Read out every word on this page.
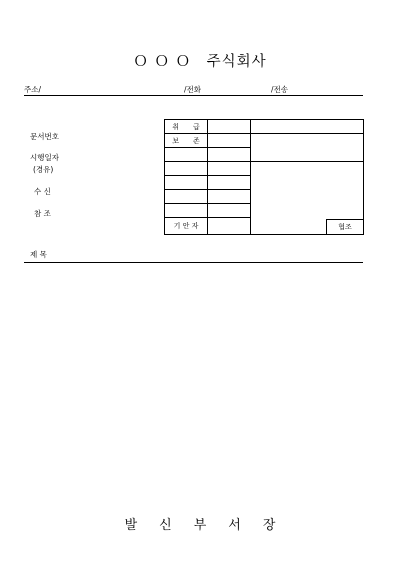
Ｏ Ｏ Ｏ　주식회사
주소/	/전화	/전송
문서번호
시행일자
(경유)
수 신
참 조
취　　급
보　　존
기 안 자	협조
제 목
발 신 부 서 장
